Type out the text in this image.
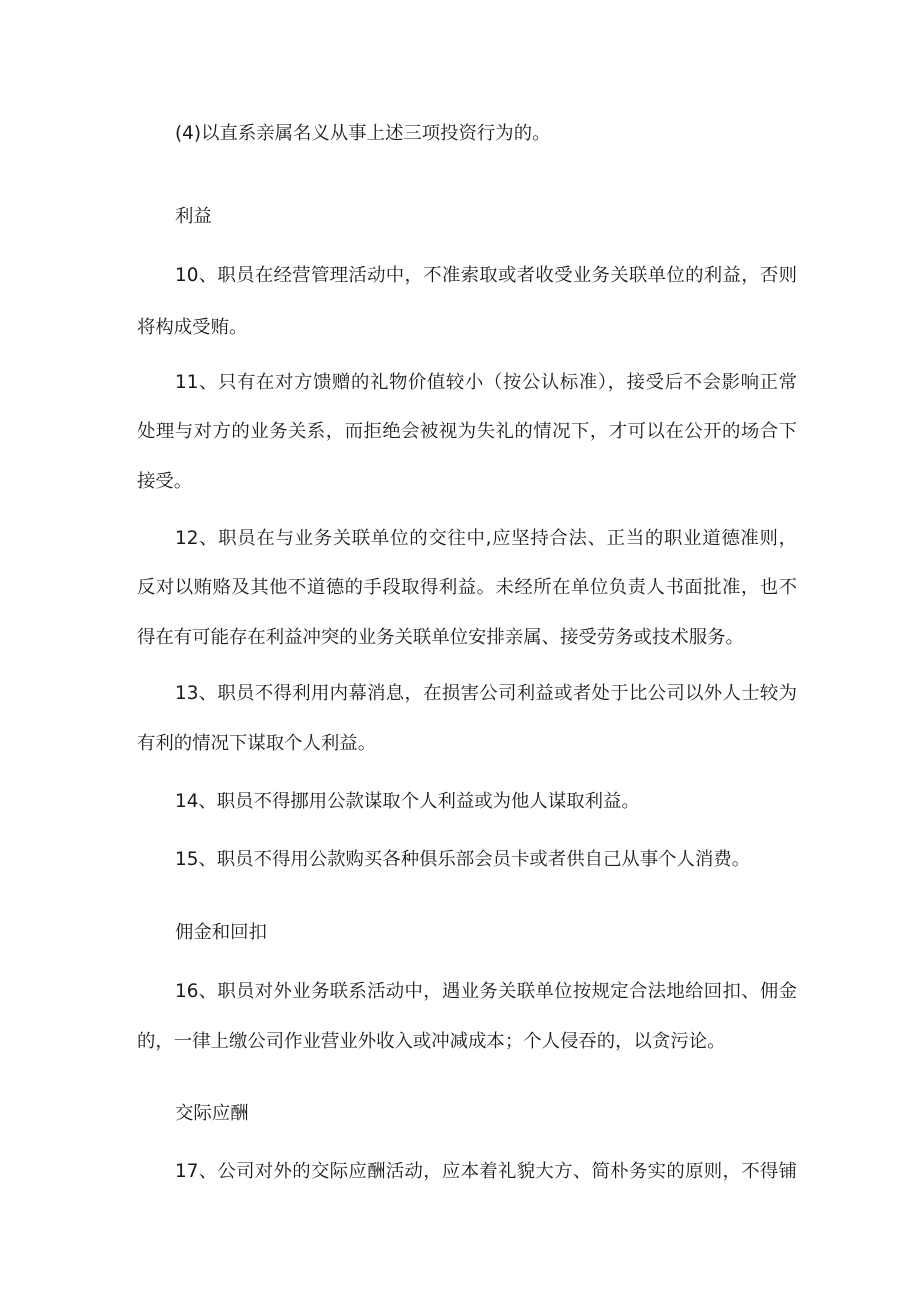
(4)以直系亲属名义从事上述三项投资行为的。
利益
10、职员在经营管理活动中，不准索取或者收受业务关联单位的利益，否则
将构成受贿。
11、只有在对方馈赠的礼物价值较小（按公认标准），接受后不会影响正常
处理与对方的业务关系，而拒绝会被视为失礼的情况下，才可以在公开的场合下
接受。
12、职员在与业务关联单位的交往中,应坚持合法、正当的职业道德准则，
反对以贿赂及其他不道德的手段取得利益。未经所在单位负责人书面批准，也不
得在有可能存在利益冲突的业务关联单位安排亲属、接受劳务或技术服务。
13、职员不得利用内幕消息，在损害公司利益或者处于比公司以外人士较为
有利的情况下谋取个人利益。
14、职员不得挪用公款谋取个人利益或为他人谋取利益。
15、职员不得用公款购买各种俱乐部会员卡或者供自己从事个人消费。
佣金和回扣
16、职员对外业务联系活动中，遇业务关联单位按规定合法地给回扣、佣金
的，一律上缴公司作业营业外收入或冲减成本；个人侵吞的，以贪污论。
交际应酬
17、公司对外的交际应酬活动，应本着礼貌大方、简朴务实的原则，不得铺
